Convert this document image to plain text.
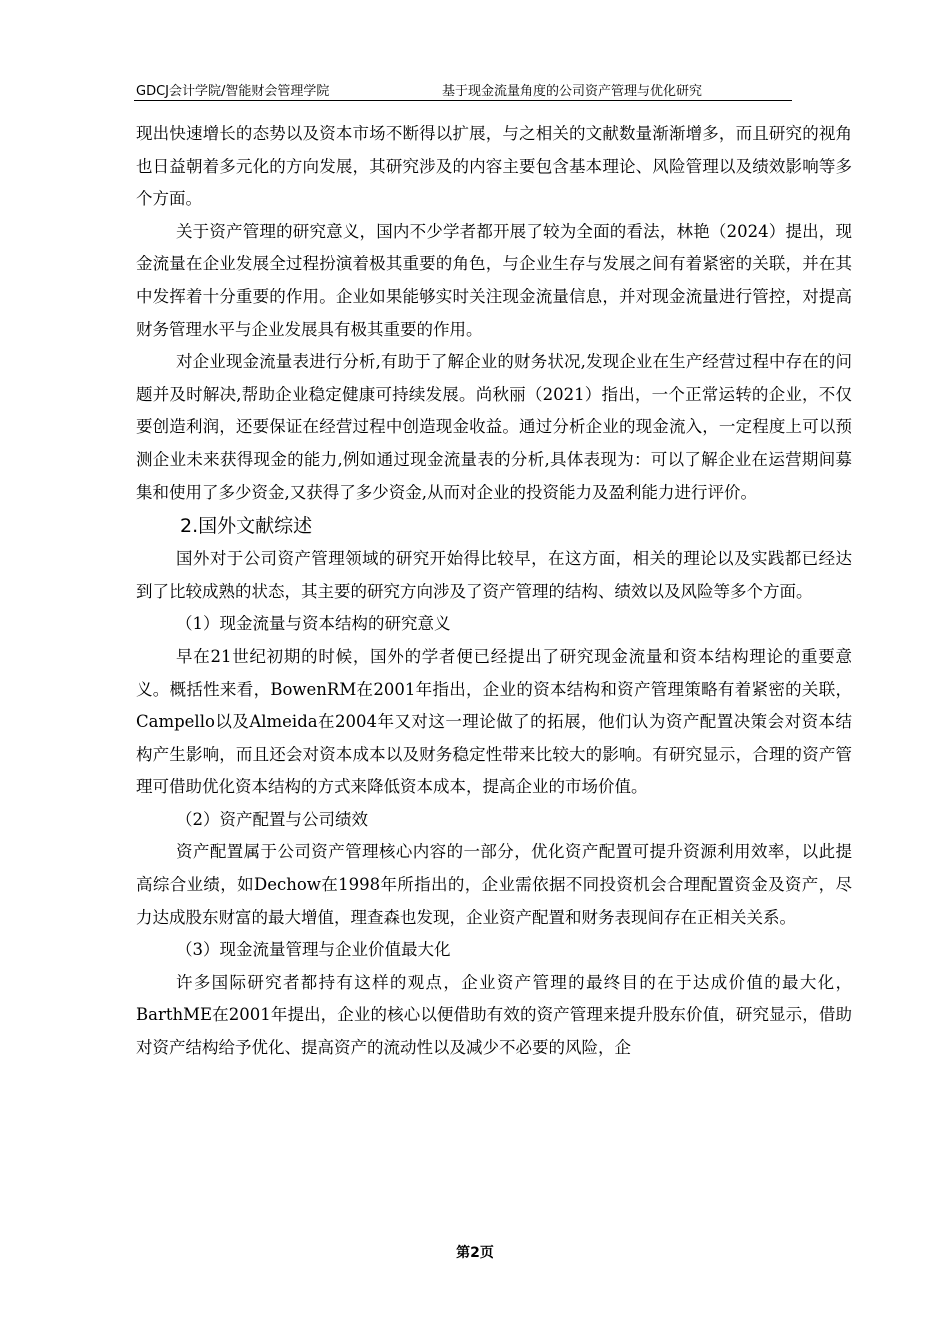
GDCJ会计学院/智能财会管理学院	基于现金流量角度的公司资产管理与优化研究

现出快速增长的态势以及资本市场不断得以扩展，与之相关的文献数量渐渐增多，而且研究的视角也日益朝着多元化的方向发展，其研究涉及的内容主要包含基本理论、风险管理以及绩效影响等多个方面。

关于资产管理的研究意义，国内不少学者都开展了较为全面的看法，林艳（2024）提出，现金流量在企业发展全过程扮演着极其重要的角色，与企业生存与发展之间有着紧密的关联，并在其中发挥着十分重要的作用。企业如果能够实时关注现金流量信息，并对现金流量进行管控，对提高财务管理水平与企业发展具有极其重要的作用。

对企业现金流量表进行分析,有助于了解企业的财务状况,发现企业在生产经营过程中存在的问题并及时解决,帮助企业稳定健康可持续发展。尚秋丽（2021）指出，一个正常运转的企业，不仅要创造利润，还要保证在经营过程中创造现金收益。通过分析企业的现金流入，一定程度上可以预测企业未来获得现金的能力,例如通过现金流量表的分析,具体表现为：可以了解企业在运营期间募集和使用了多少资金,又获得了多少资金,从而对企业的投资能力及盈利能力进行评价。

2.国外文献综述

国外对于公司资产管理领域的研究开始得比较早，在这方面，相关的理论以及实践都已经达到了比较成熟的状态，其主要的研究方向涉及了资产管理的结构、绩效以及风险等多个方面。

（1）现金流量与资本结构的研究意义

早在21世纪初期的时候，国外的学者便已经提出了研究现金流量和资本结构理论的重要意义。概括性来看，BowenRM在2001年指出，企业的资本结构和资产管理策略有着紧密的关联，Campello以及Almeida在2004年又对这一理论做了的拓展，他们认为资产配置决策会对资本结构产生影响，而且还会对资本成本以及财务稳定性带来比较大的影响。有研究显示，合理的资产管理可借助优化资本结构的方式来降低资本成本，提高企业的市场价值。

（2）资产配置与公司绩效

资产配置属于公司资产管理核心内容的一部分，优化资产配置可提升资源利用效率，以此提高综合业绩，如Dechow在1998年所指出的，企业需依据不同投资机会合理配置资金及资产，尽力达成股东财富的最大增值，理查森也发现，企业资产配置和财务表现间存在正相关关系。

（3）现金流量管理与企业价值最大化

许多国际研究者都持有这样的观点，企业资产管理的最终目的在于达成价值的最大化，BarthME在2001年提出，企业的核心以便借助有效的资产管理来提升股东价值，研究显示，借助对资产结构给予优化、提高资产的流动性以及减少不必要的风险，企

第2页
